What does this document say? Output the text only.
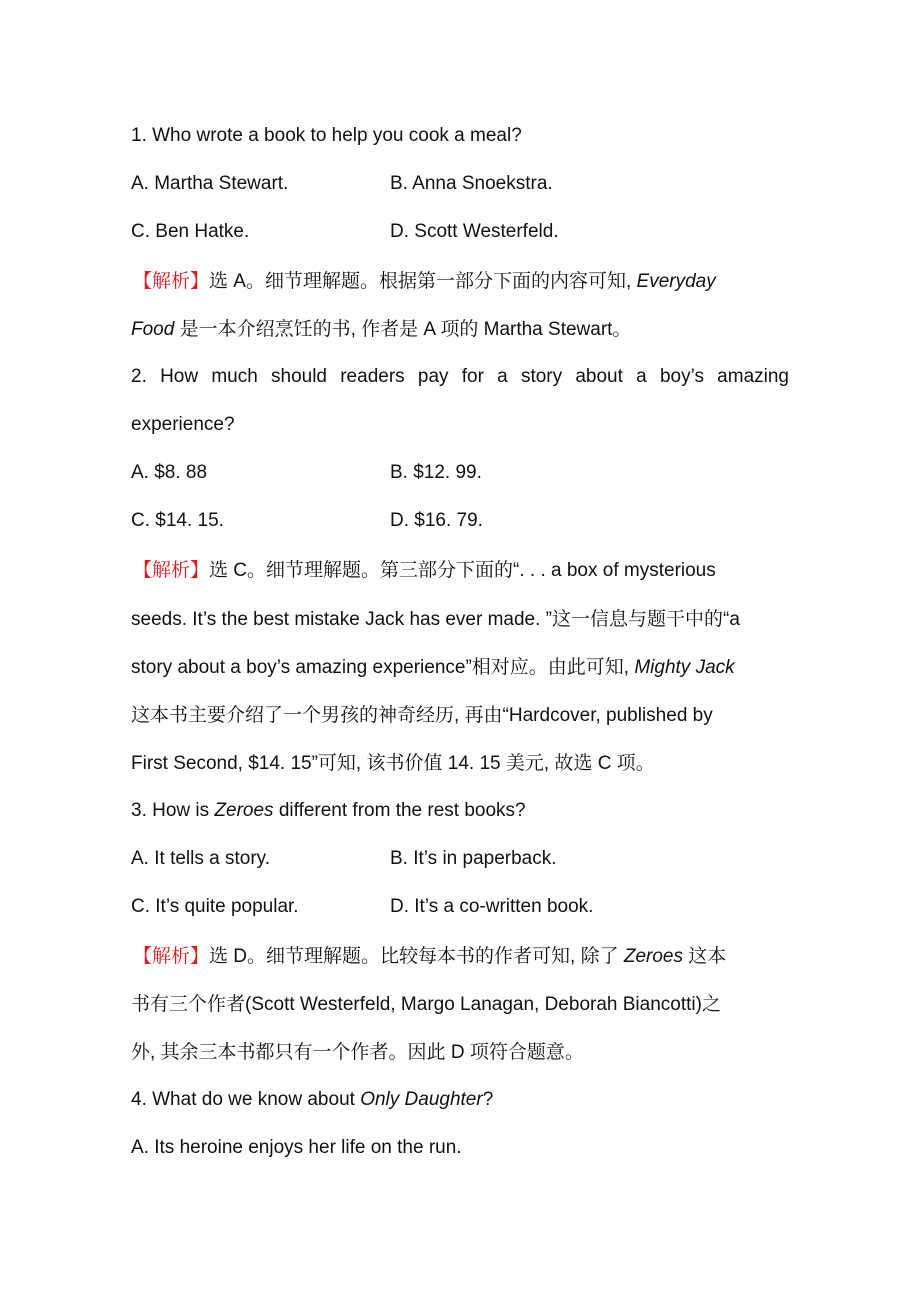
1. Who wrote a book to help you cook a meal?
A. Martha Stewart.	B. Anna Snoekstra.
C. Ben Hatke.	D. Scott Westerfeld.
【解析】选 A。细节理解题。根据第一部分下面的内容可知, Everyday
Food 是一本介绍烹饪的书, 作者是 A 项的 Martha Stewart。
2. How much should readers pay for a story about a boy’s amazing
experience?
A. $8. 88	B. $12. 99.
C. $14. 15.	D. $16. 79.
【解析】选 C。细节理解题。第三部分下面的“. . . a box of mysterious
seeds. It’s the best mistake Jack has ever made. ”这一信息与题干中的“a
story about a boy’s amazing experience”相对应。由此可知, Mighty Jack
这本书主要介绍了一个男孩的神奇经历, 再由“Hardcover, published by
First Second, $14. 15”可知, 该书价值 14. 15 美元, 故选 C 项。
3. How is Zeroes different from the rest books?
A. It tells a story.	B. It’s in paperback.
C. It’s quite popular.	D. It’s a co-written book.
【解析】选 D。细节理解题。比较每本书的作者可知, 除了 Zeroes 这本
书有三个作者(Scott Westerfeld, Margo Lanagan, Deborah Biancotti)之
外, 其余三本书都只有一个作者。因此 D 项符合题意。
4. What do we know about Only Daughter?
A. Its heroine enjoys her life on the run.
